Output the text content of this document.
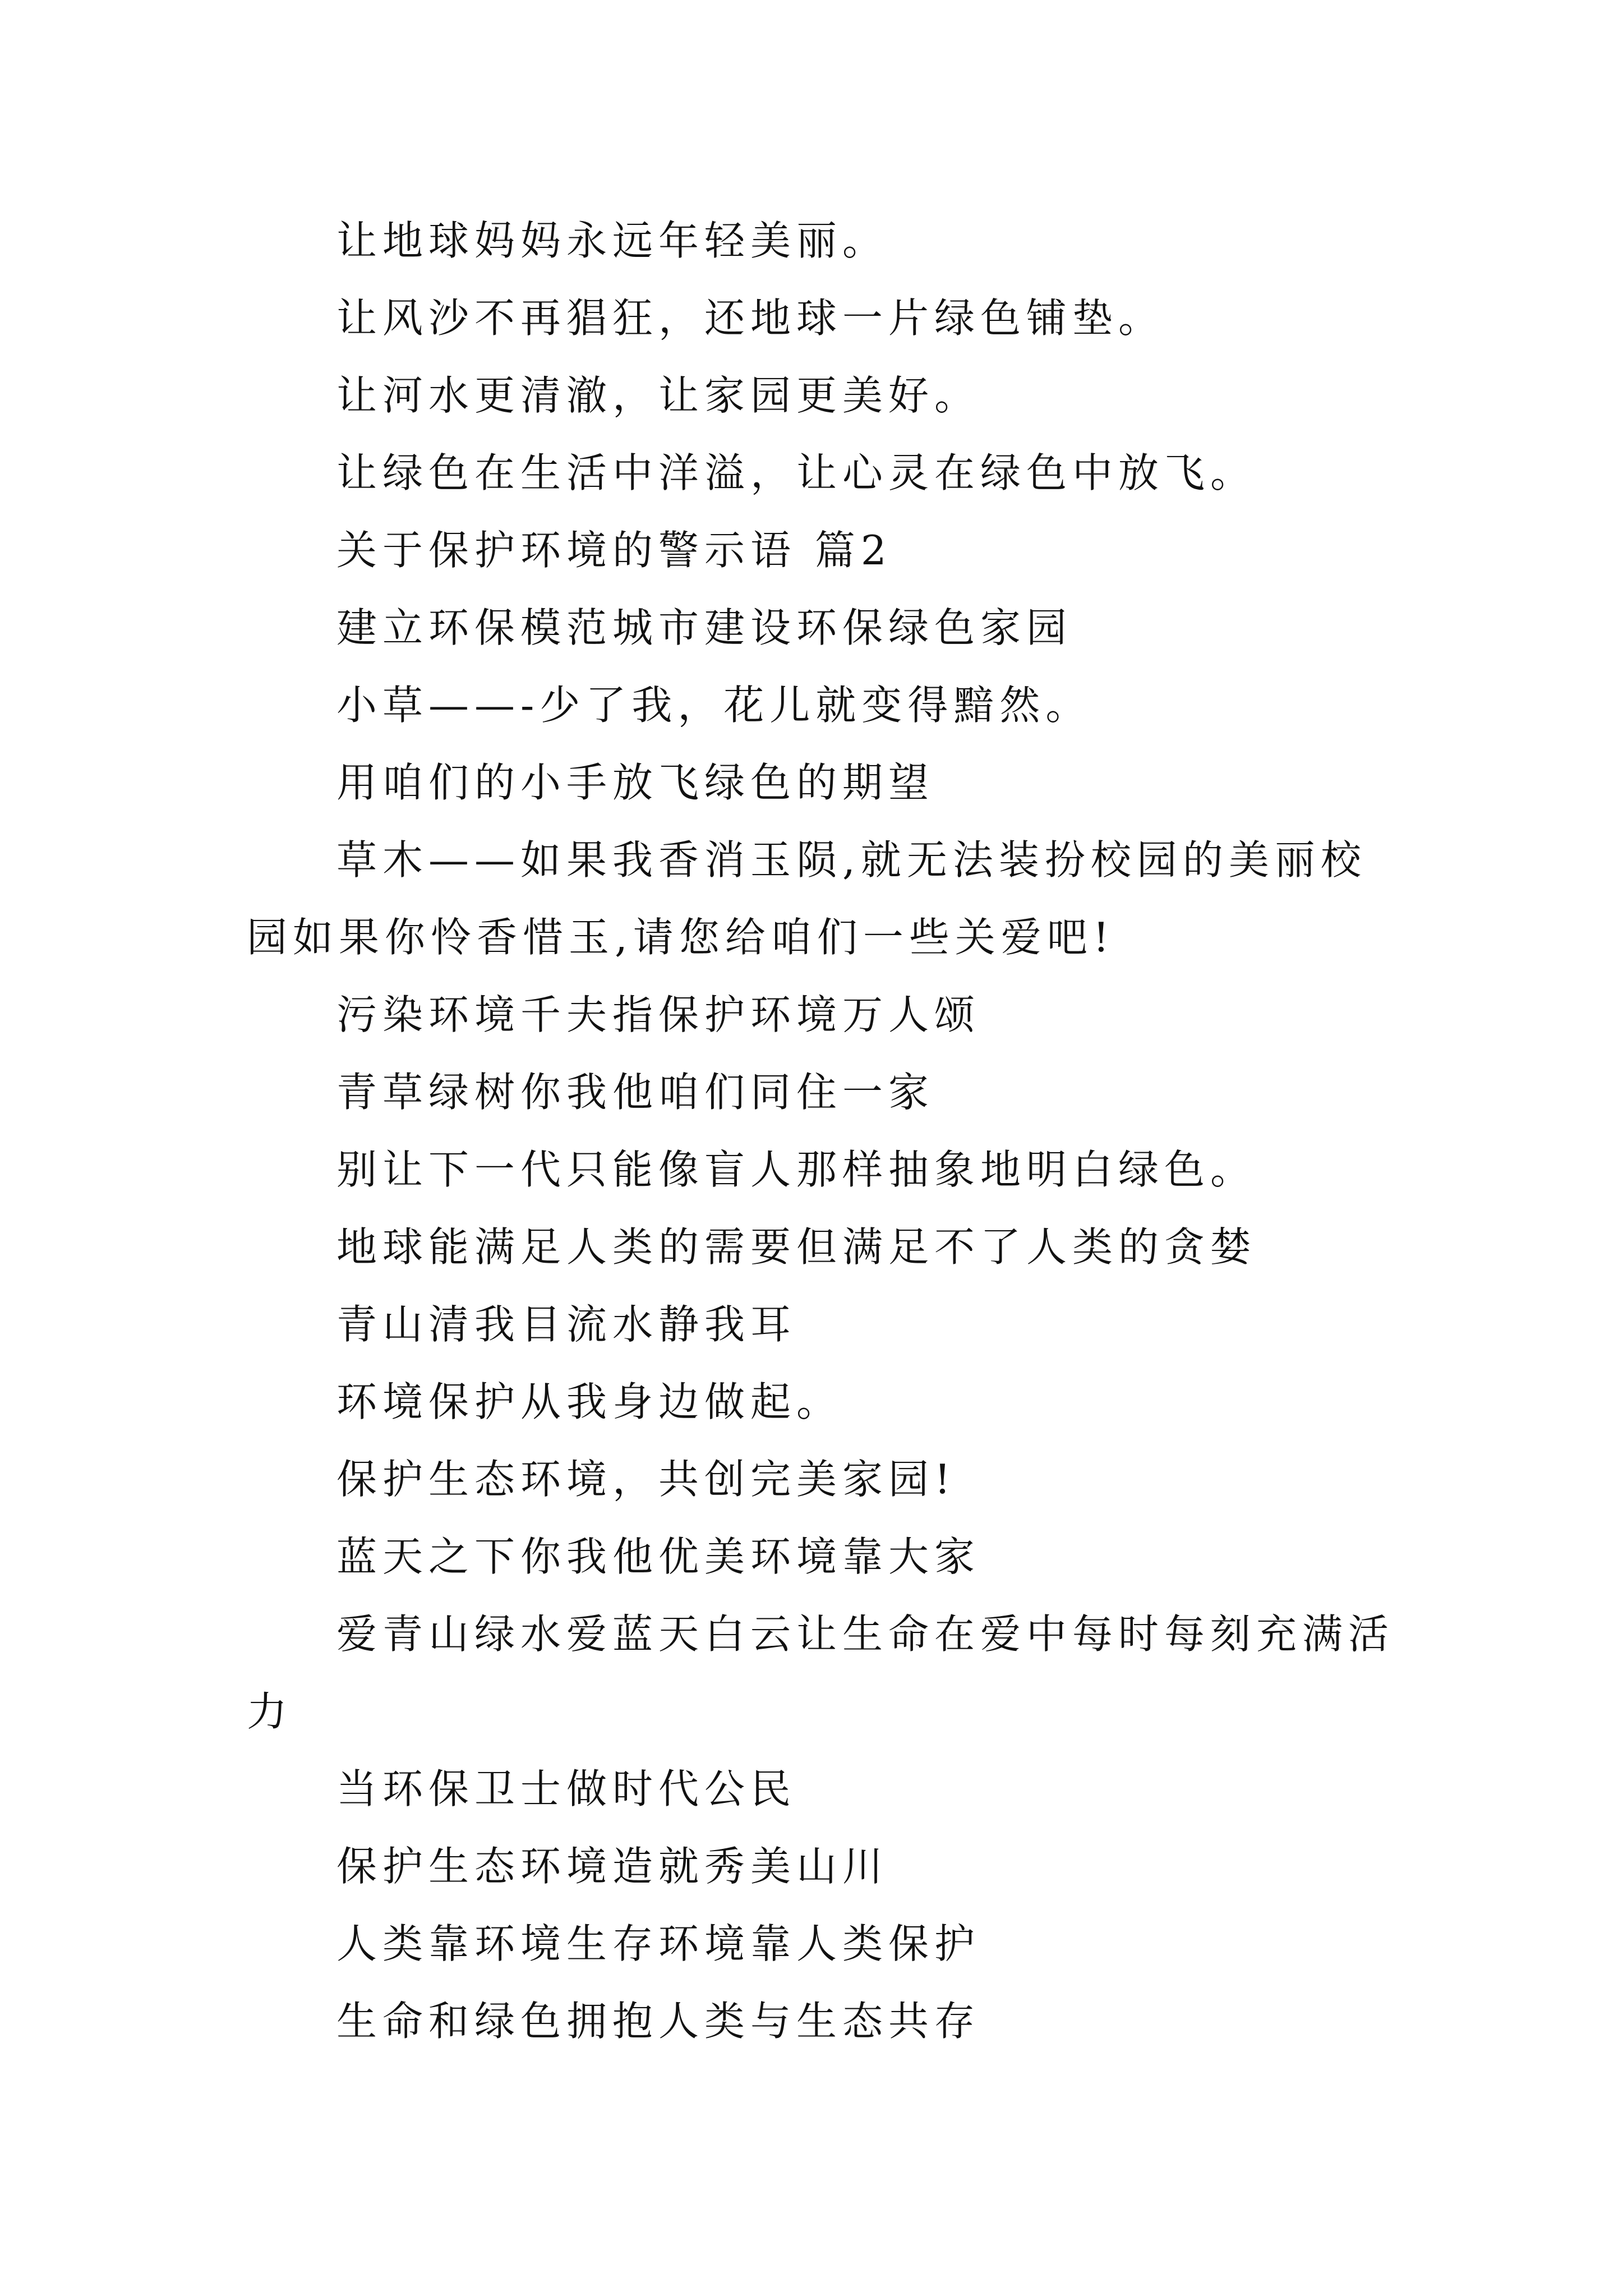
让地球妈妈永远年轻美丽。

让风沙不再猖狂，还地球一片绿色铺垫。

让河水更清澈，让家园更美好。

让绿色在生活中洋溢，让心灵在绿色中放飞。

关于保护环境的警示语 篇2

建立环保模范城市建设环保绿色家园

小草——-少了我，花儿就变得黯然。

用咱们的小手放飞绿色的期望

草木——如果我香消玉陨,就无法装扮校园的美丽校园如果你怜香惜玉,请您给咱们一些关爱吧!

污染环境千夫指保护环境万人颂

青草绿树你我他咱们同住一家

别让下一代只能像盲人那样抽象地明白绿色。

地球能满足人类的需要但满足不了人类的贪婪

青山清我目流水静我耳

环境保护从我身边做起。

保护生态环境，共创完美家园!

蓝天之下你我他优美环境靠大家

爱青山绿水爱蓝天白云让生命在爱中每时每刻充满活力

当环保卫士做时代公民

保护生态环境造就秀美山川

人类靠环境生存环境靠人类保护

生命和绿色拥抱人类与生态共存
